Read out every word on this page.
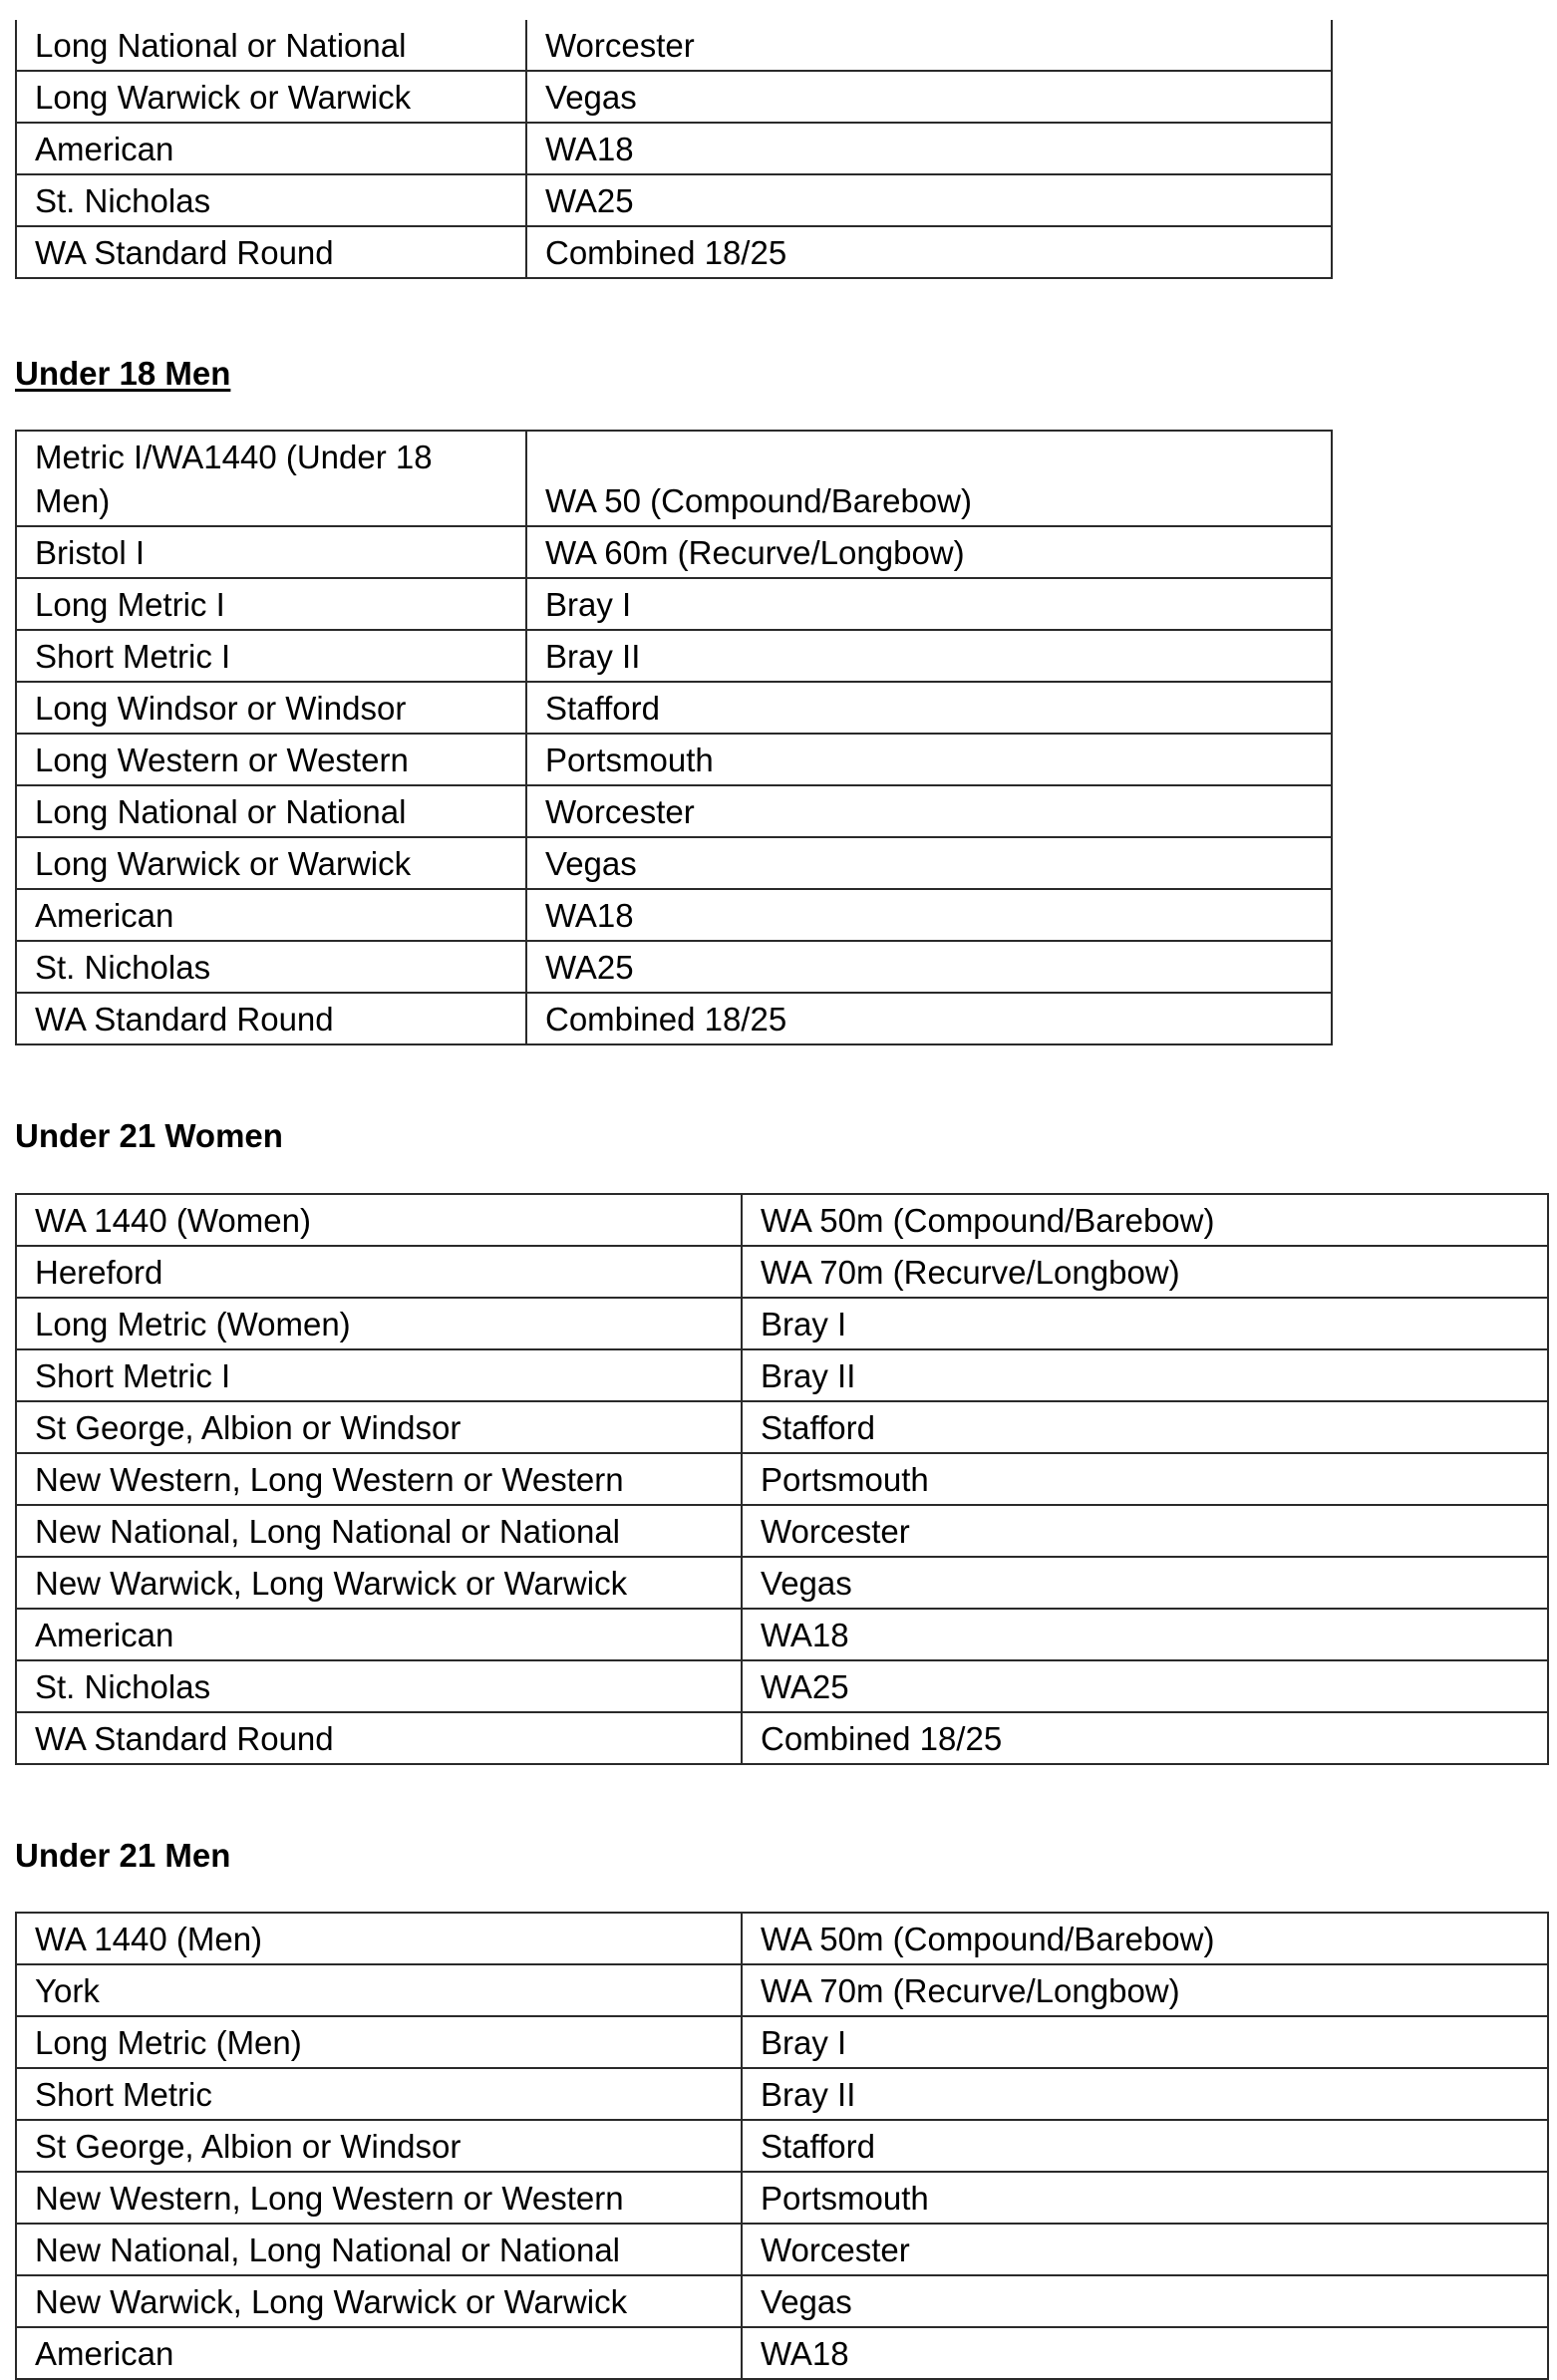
Long National or National	Worcester
Long Warwick or Warwick	Vegas
American	WA18
St. Nicholas	WA25
WA Standard Round	Combined 18/25
Under 18 Men
Metric I/WA1440 (Under 18 Men)	WA 50 (Compound/Barebow)
Bristol I	WA 60m (Recurve/Longbow)
Long Metric I	Bray I
Short Metric I	Bray II
Long Windsor or Windsor	Stafford
Long Western or Western	Portsmouth
Long National or National	Worcester
Long Warwick or Warwick	Vegas
American	WA18
St. Nicholas	WA25
WA Standard Round	Combined 18/25
Under 21 Women
WA 1440 (Women)	WA 50m (Compound/Barebow)
Hereford	WA 70m (Recurve/Longbow)
Long Metric (Women)	Bray I
Short Metric I	Bray II
St George, Albion or Windsor	Stafford
New Western, Long Western or Western	Portsmouth
New National, Long National or National	Worcester
New Warwick, Long Warwick or Warwick	Vegas
American	WA18
St. Nicholas	WA25
WA Standard Round	Combined 18/25
Under 21 Men
WA 1440 (Men)	WA 50m (Compound/Barebow)
York	WA 70m (Recurve/Longbow)
Long Metric (Men)	Bray I
Short Metric	Bray II
St George, Albion or Windsor	Stafford
New Western, Long Western or Western	Portsmouth
New National, Long National or National	Worcester
New Warwick, Long Warwick or Warwick	Vegas
American	WA18
